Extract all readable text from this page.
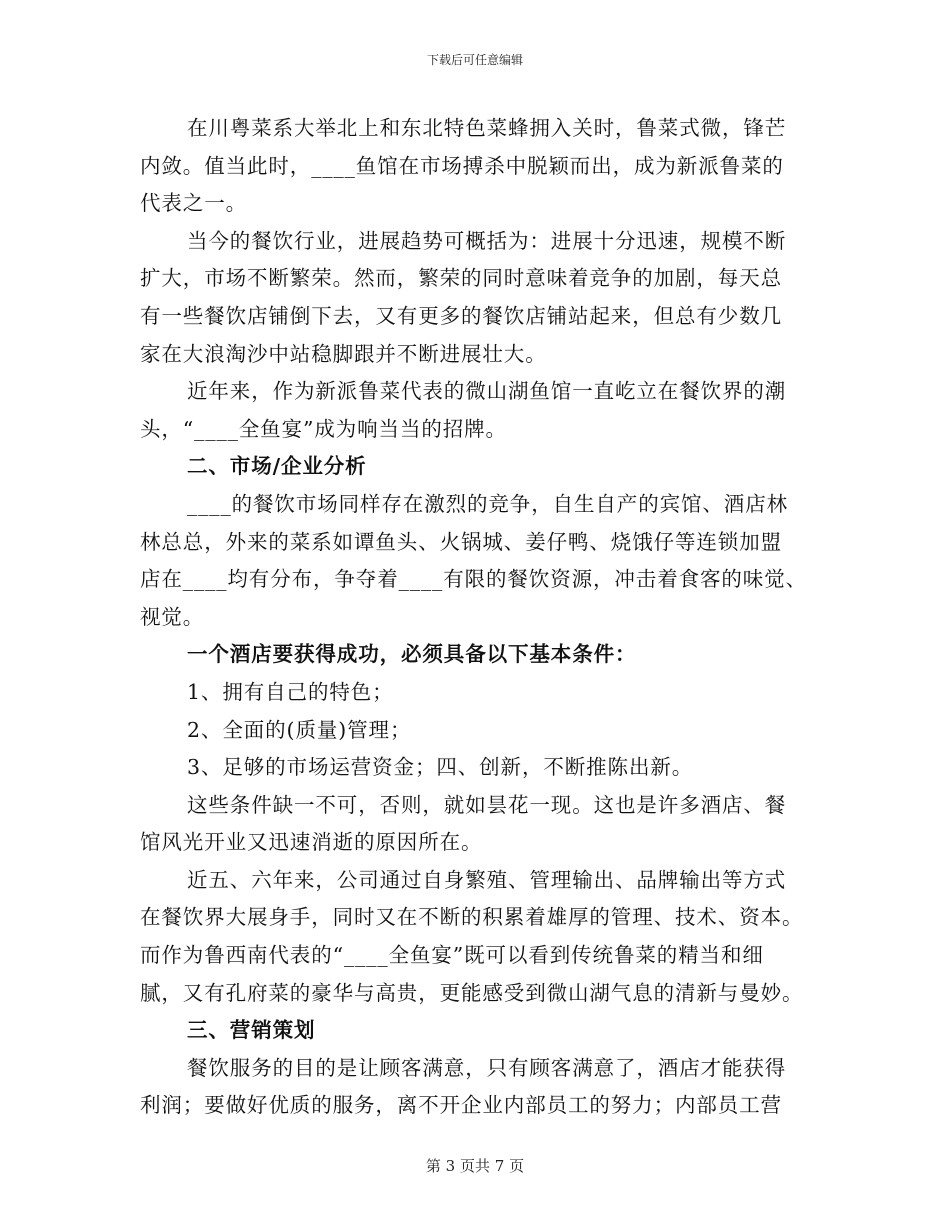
下载后可任意编辑
在川粤菜系大举北上和东北特色菜蜂拥入关时，鲁菜式微，锋芒
内敛。值当此时，____鱼馆在市场搏杀中脱颖而出，成为新派鲁菜的
代表之一。
当今的餐饮行业，进展趋势可概括为：进展十分迅速，规模不断
扩大，市场不断繁荣。然而，繁荣的同时意味着竞争的加剧，每天总
有一些餐饮店铺倒下去，又有更多的餐饮店铺站起来，但总有少数几
家在大浪淘沙中站稳脚跟并不断进展壮大。
近年来，作为新派鲁菜代表的微山湖鱼馆一直屹立在餐饮界的潮
头，“____全鱼宴”成为响当当的招牌。
二、市场/企业分析
____的餐饮市场同样存在激烈的竞争，自生自产的宾馆、酒店林
林总总，外来的菜系如谭鱼头、火锅城、姜仔鸭、烧饿仔等连锁加盟
店在____均有分布，争夺着____有限的餐饮资源，冲击着食客的味觉、
视觉。
一个酒店要获得成功，必须具备以下基本条件：
1、拥有自己的特色；
2、全面的(质量)管理；
3、足够的市场运营资金；四、创新，不断推陈出新。
这些条件缺一不可，否则，就如昙花一现。这也是许多酒店、餐
馆风光开业又迅速消逝的原因所在。
近五、六年来，公司通过自身繁殖、管理输出、品牌输出等方式
在餐饮界大展身手，同时又在不断的积累着雄厚的管理、技术、资本。
而作为鲁西南代表的“____全鱼宴”既可以看到传统鲁菜的精当和细
腻，又有孔府菜的豪华与高贵，更能感受到微山湖气息的清新与曼妙。
三、营销策划
餐饮服务的目的是让顾客满意，只有顾客满意了，酒店才能获得
利润；要做好优质的服务，离不开企业内部员工的努力；内部员工营
第 3 页共 7 页
